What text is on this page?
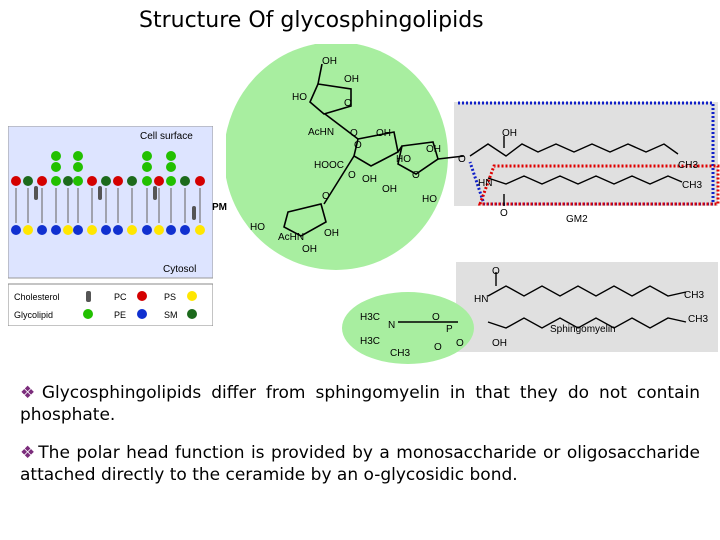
Structure Of glycosphingolipids
Cell surface
Cytosol
Cholesterol	PC	PS
Glycolipid	PE	SM
PM
OH
OH
HO
O
AcHN O OH
O	OH
HOOC
HO
O OH	O
O
OH
HO
O
HO
AcHN
OH
OH
OH
HN
CH3
CH3
O
GM2
O
HN	CH3
CH3
H3C
N
O
P
O O
H3C
CH3
OH
Sphingomyelin
❖ Glycosphingolipids differ from sphingomyelin in that they do not contain phosphate.
❖ The polar head function is provided by a monosaccharide or oligosaccharide attached directly to the ceramide by an o-glycosidic bond.
